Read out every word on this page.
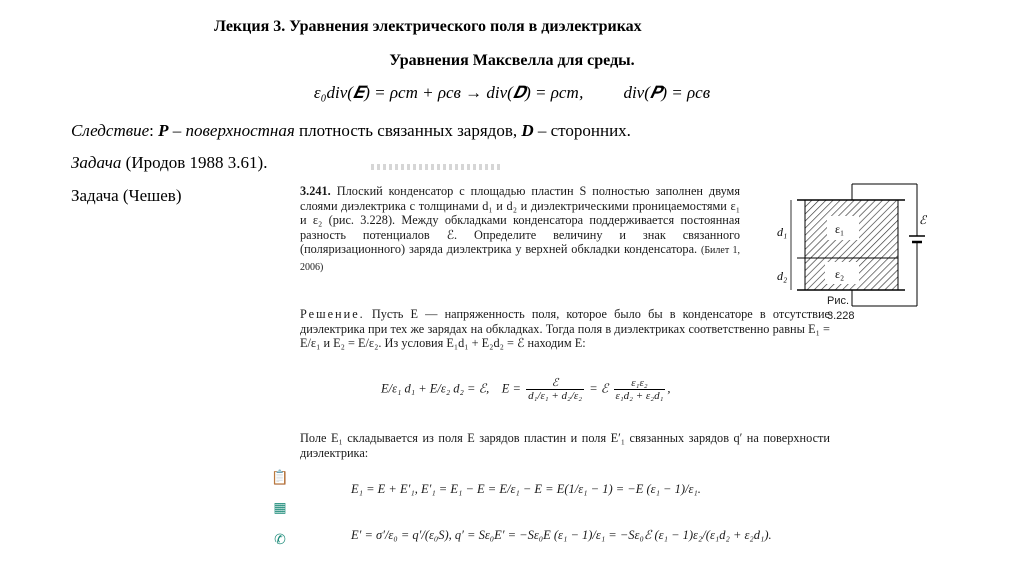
Лекция 3. Уравнения электрического поля в диэлектриках
Уравнения Максвелла для среды.
ε₀div(𝑬) = ρст + ρсв → div(𝑫) = ρст, div(𝑷) = ρсв
Следствие: P – поверхностная плотность связанных зарядов, D – сторонних.
Задача (Иродов 1988 3.61).
Задача (Чешев)	3.241. Плоский конденсатор с площадью пластин S полностью заполнен двумя слоями диэлектрика с толщинами d₁ и d₂ и диэлектрическими проницаемостями ε₁ и ε₂ (рис. 3.228). Между обкладками конденсатора поддерживается постоянная разность потенциалов ℰ. Определите величину и знак связанного (поляризационного) заряда диэлектрика у верхней обкладки конденсатора. (Билет 1, 2006)
d₁
d₂
ε₁
ε₂
ℰ
Рис. 3.228
Решение. Пусть E — напряженность поля, которое было бы в конденсаторе в отсутствие диэлектрика при тех же зарядах на обкладках. Тогда поля в диэлектриках соответственно равны E₁ = E/ε₁ и E₂ = E/ε₂. Из условия E₁d₁ + E₂d₂ = ℰ находим E:
E/ε₁ d₁ + E/ε₂ d₂ = ℰ, $E = \frac{\text{ℰ}}{\text{d₁/ε₁ + d₂/ε₂}}$ = ℰ $\frac{\text{ε₁ε₂}}{\text{ε₁d₂ + ε₂d₁}}$ ,
Поле E₁ складывается из поля E зарядов пластин и поля E′₁ связанных зарядов q′ на поверхности диэлектрика:
E₁ = E + E′₁, E′₁ = E₁ − E = E/ε₁ − E = E(1/ε₁ − 1) = −E (ε₁ − 1)/ε₁.
E′ = σ′/ε₀ = q′/(ε₀S), q′ = Sε₀E′ = −Sε₀E (ε₁ − 1)/ε₁ = −Sε₀ℰ (ε₁ − 1)ε₂/(ε₁d₂ + ε₂d₁).
📋
▦
✆
